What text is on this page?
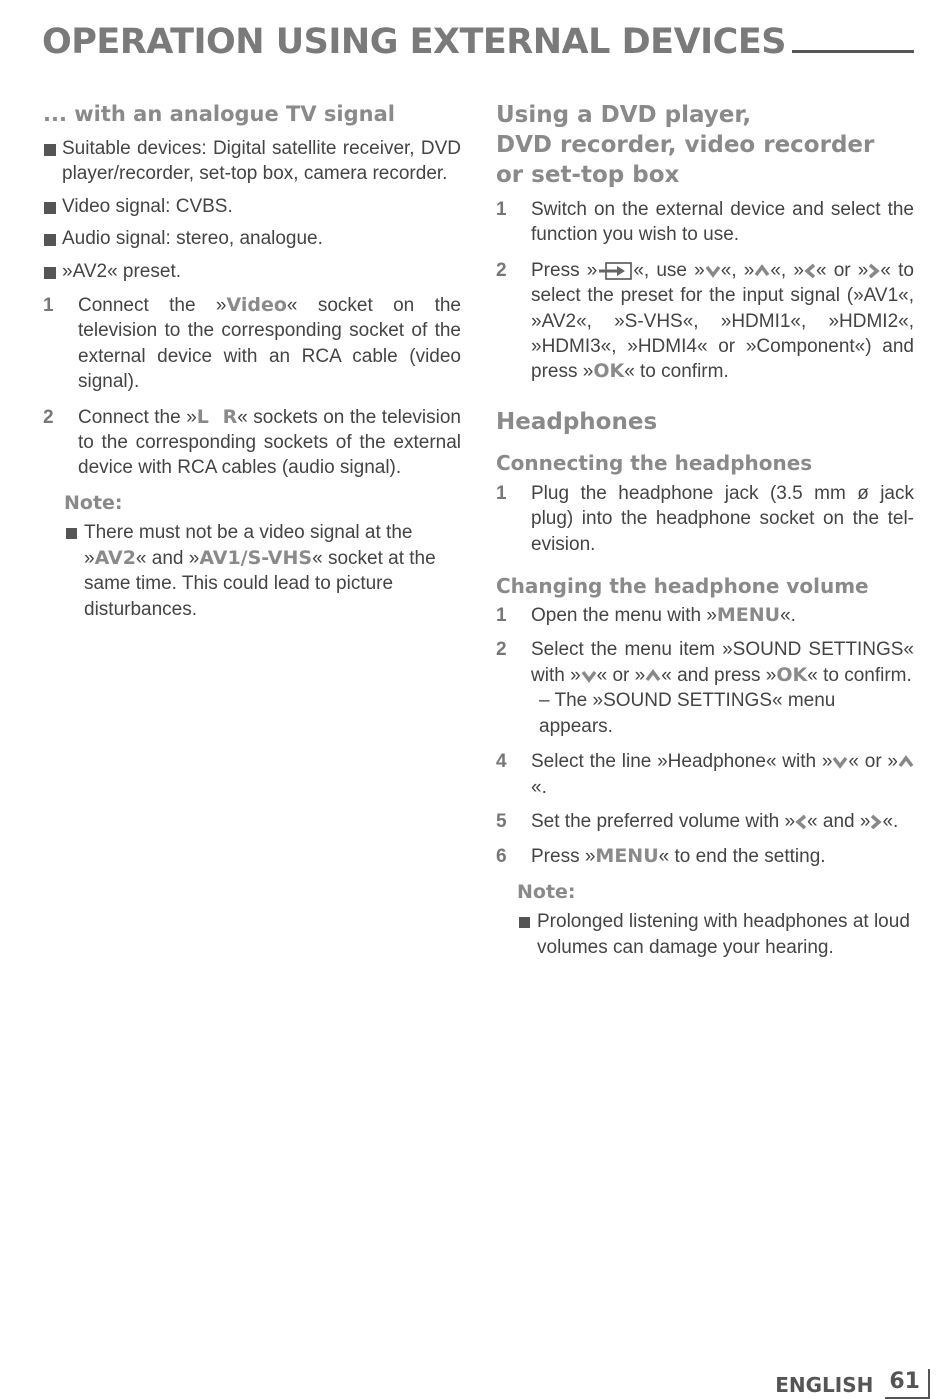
OPERATION USING EXTERNAL DEVICES
... with an analogue TV signal

Suitable devices: Digital satellite receiver, DVD player/recorder, set-top box, camera recorder.

Video signal: CVBS.

Audio signal: stereo, analogue.

»AV2« preset.

1 Connect the »Video« socket on the television to the corresponding socket of the external device with an RCA cable (video signal).

2 Connect the »L  R« sockets on the television to the corresponding sockets of the external device with RCA cables (audio signal).

Note:

There must not be a video signal at the »AV2« and »AV1/S-VHS« socket at the same time. This could lead to picture disturbances.

Using a DVD player,
DVD recorder, video recorder
or set-top box

1 Switch on the external device and select the function you wish to use.

2 Press » «, use » «, » «, » « or » « to select the preset for the input signal (»AV1«, »AV2«, »S-VHS«, »HDMI1«, »HDMI2«, »HDMI3«, »HDMI4« or »Component«) and press »OK« to confirm.

Headphones
Connecting the headphones

1 Plug the headphone jack (3.5 mm ø jack plug) into the headphone socket on the tel-evision.

Changing the headphone volume

1 Open the menu with »MENU«.

2 Select the menu item »SOUND SETTINGS« with » « or » « and press »OK« to confirm.

– The »SOUND SETTINGS« menu appears.

4 Select the line »Headphone« with » « or »«.

5 Set the preferred volume with » « and » «.

6 Press »MENU« to end the setting.

Note:

Prolonged listening with headphones at loud volumes can damage your hearing.

ENGLISH 61
